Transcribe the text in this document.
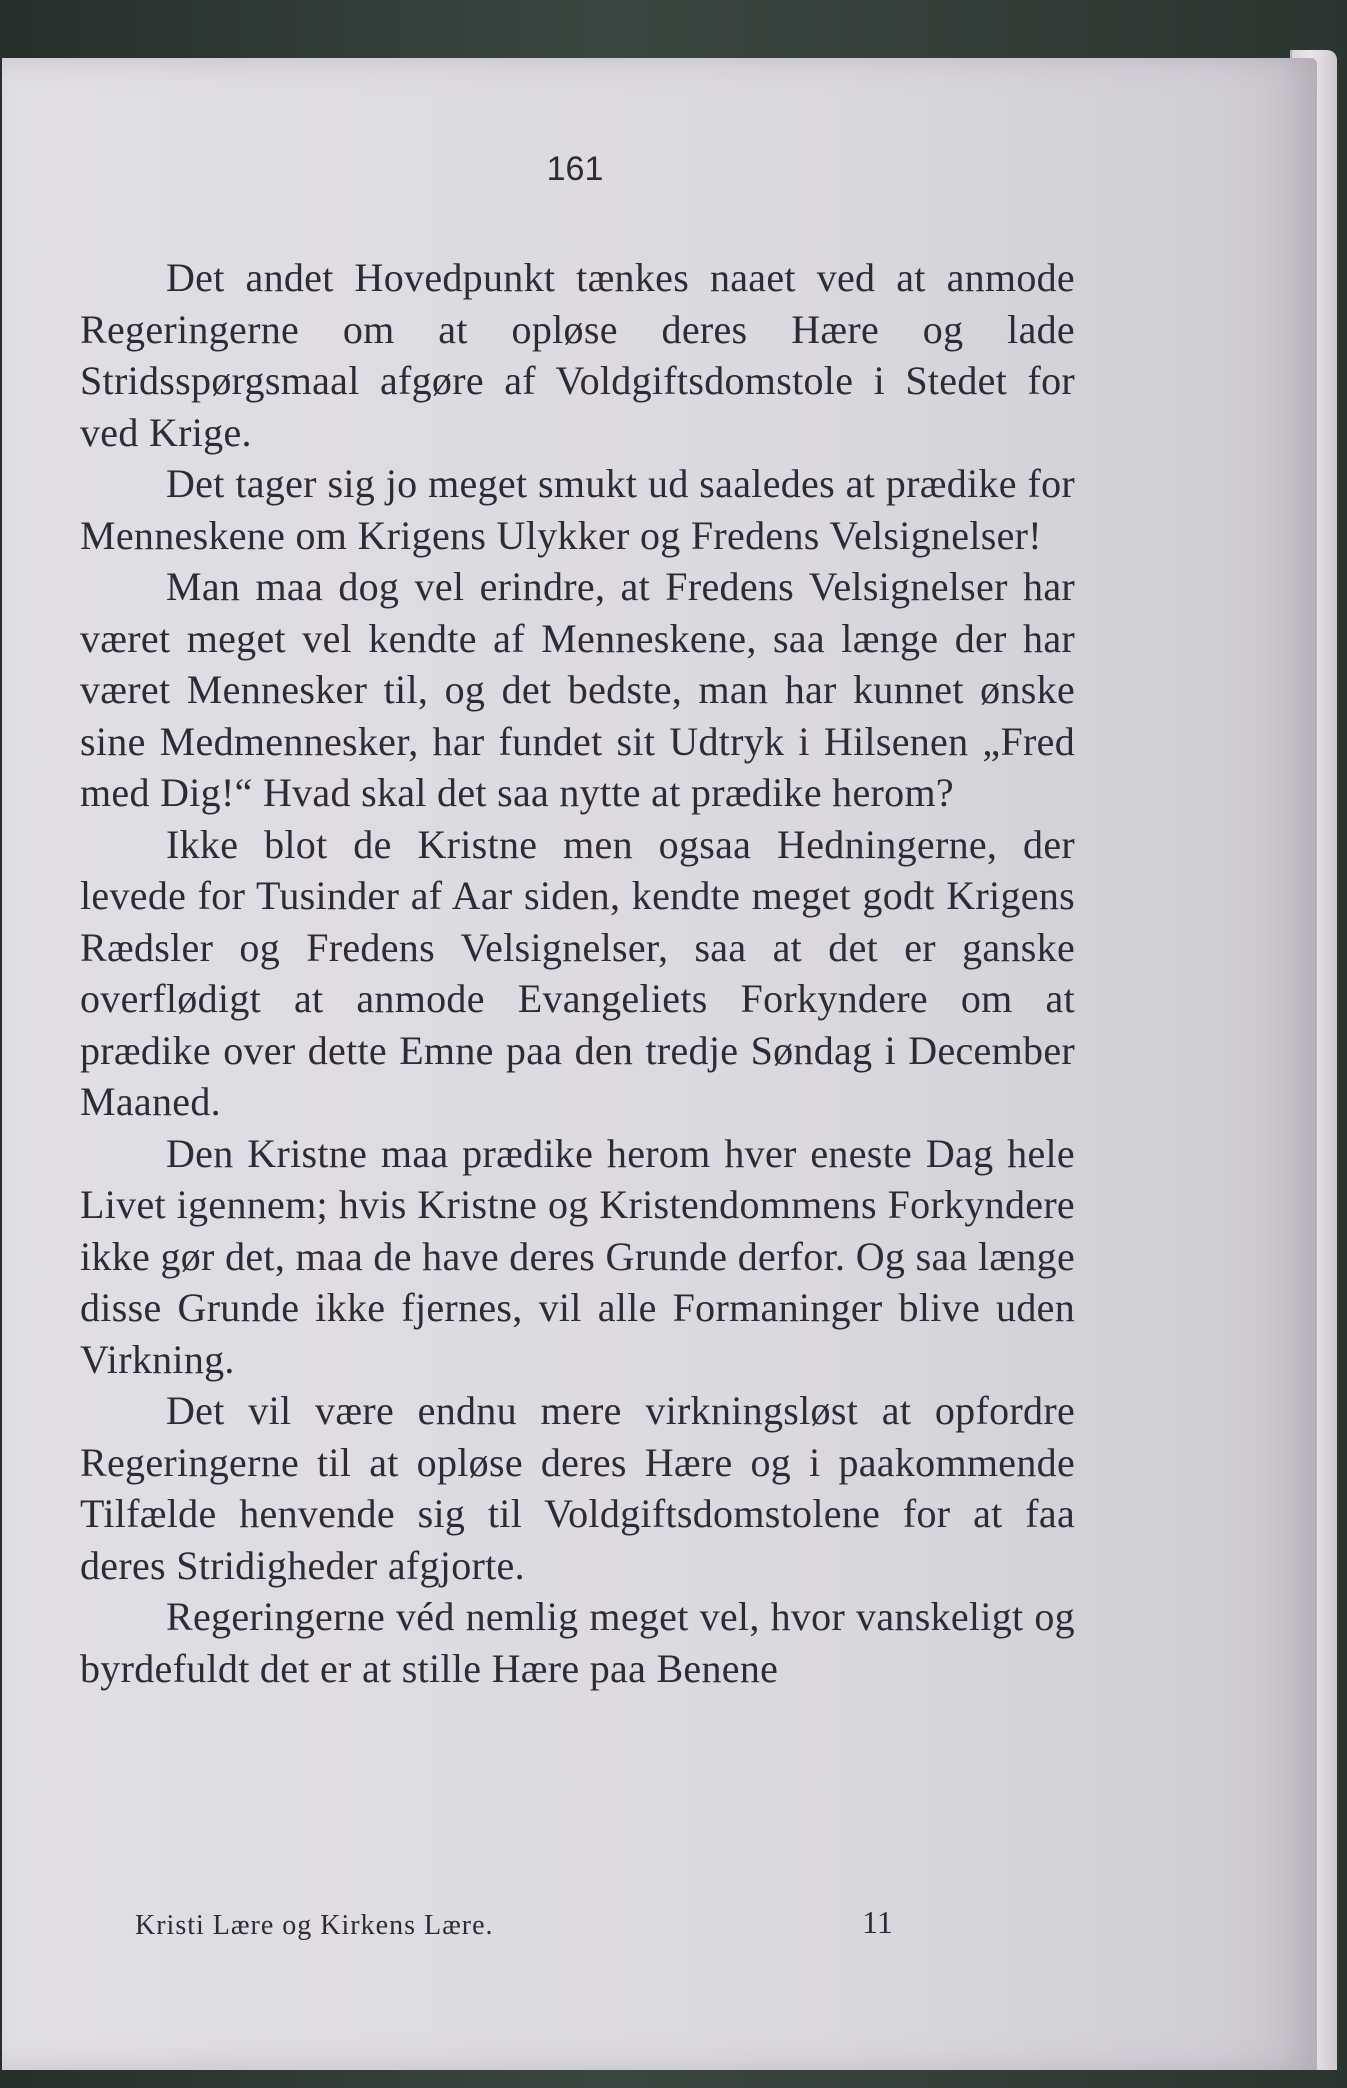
161

Det andet Hovedpunkt tænkes naaet ved at anmode Regeringerne om at opløse deres Hære og lade Stridsspørgsmaal afgøre af Voldgiftsdomstole i Stedet for ved Krige.

Det tager sig jo meget smukt ud saaledes at prædike for Menneskene om Krigens Ulykker og Fredens Velsignelser!

Man maa dog vel erindre, at Fredens Velsignelser har været meget vel kendte af Menneskene, saa længe der har været Mennesker til, og det bedste, man har kunnet ønske sine Medmennesker, har fundet sit Udtryk i Hilsenen „Fred med Dig!“ Hvad skal det saa nytte at prædike herom?

Ikke blot de Kristne men ogsaa Hedningerne, der levede for Tusinder af Aar siden, kendte meget godt Krigens Rædsler og Fredens Velsignelser, saa at det er ganske overflødigt at anmode Evangeliets Forkyndere om at prædike over dette Emne paa den tredje Søndag i December Maaned.

Den Kristne maa prædike herom hver eneste Dag hele Livet igennem; hvis Kristne og Kristendommens Forkyndere ikke gør det, maa de have deres Grunde derfor. Og saa længe disse Grunde ikke fjernes, vil alle Formaninger blive uden Virkning.

Det vil være endnu mere virkningsløst at opfordre Regeringerne til at opløse deres Hære og i paakommende Tilfælde henvende sig til Voldgiftsdomstolene for at faa deres Stridigheder afgjorte.

Regeringerne véd nemlig meget vel, hvor vanskeligt og byrdefuldt det er at stille Hære paa Benene

Kristi Lære og Kirkens Lære.	11
